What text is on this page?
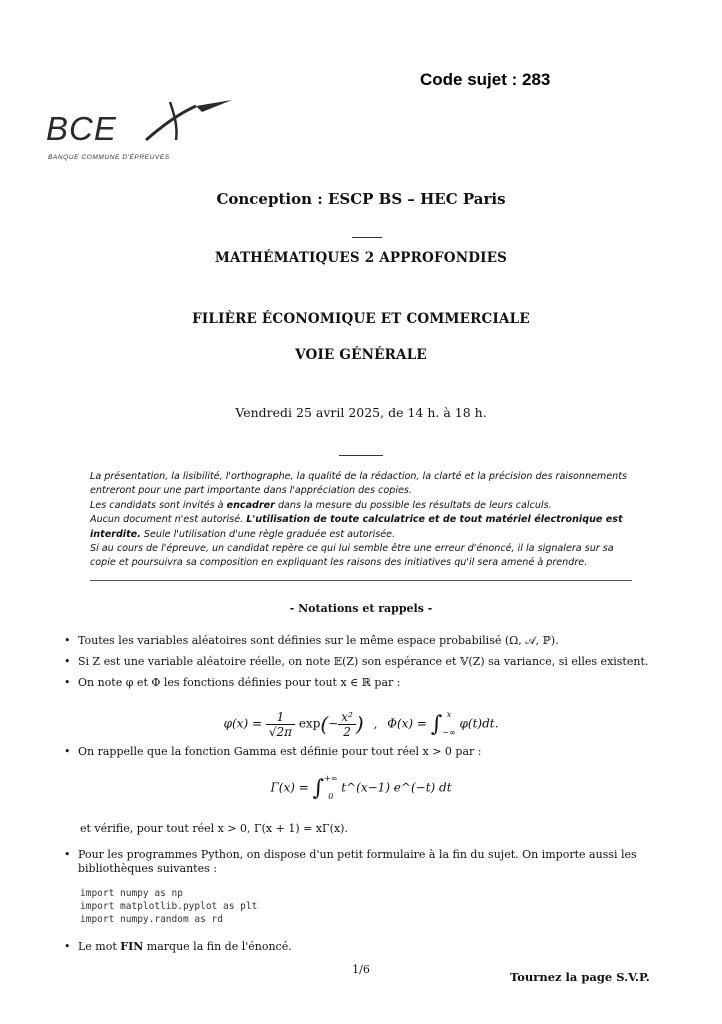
Code sujet : 283
BCE
BANQUE COMMUNE D'ÉPREUVES
Conception : ESCP BS – HEC Paris
MATHÉMATIQUES 2 APPROFONDIES
FILIÈRE ÉCONOMIQUE ET COMMERCIALE
VOIE GÉNÉRALE
Vendredi 25 avril 2025, de 14 h. à 18 h.

La présentation, la lisibilité, l'orthographe, la qualité de la rédaction, la clarté et la précision des raisonnements entreront pour une part importante dans l'appréciation des copies.

Les candidats sont invités à encadrer dans la mesure du possible les résultats de leurs calculs.

Aucun document n'est autorisé. L'utilisation de toute calculatrice et de tout matériel électronique est interdite. Seule l'utilisation d'une règle graduée est autorisée.

Si au cours de l'épreuve, un candidat repère ce qui lui semble être une erreur d'énoncé, il la signalera sur sa copie et poursuivra sa composition en expliquant les raisons des initiatives qu'il sera amené à prendre.

- Notations et rappels -
• Toutes les variables aléatoires sont définies sur le même espace probabilisé (Ω, 𝒜, ℙ).
• Si Z est une variable aléatoire réelle, on note 𝔼(Z) son espérance et 𝕍(Z) sa variance, si elles existent.
• On note φ et Φ les fonctions définies pour tout x ∈ ℝ par :
$\varphi(x) = \frac{1}{√2\pi} \exp(- \frac{\text{x²}}{2}$ ) , Φ(x) = ∫ x
−∞
φ(t)dt.
• On rappelle que la fonction Gamma est définie pour tout réel x > 0 par :
Γ(x) = ∫ +∞
0
t^(x−1) e^(−t) dt
et vérifie, pour tout réel x > 0, Γ(x + 1) = xΓ(x).
• Pour les programmes Python, on dispose d'un petit formulaire à la fin du sujet. On importe aussi les
bibliothèques suivantes :
import numpy as np
import matplotlib.pyplot as plt
import numpy.random as rd
• Le mot FIN marque la fin de l'énoncé.
1/6
Tournez la page S.V.P.
